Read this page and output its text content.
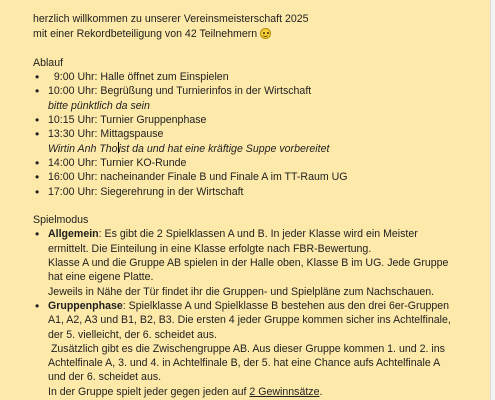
herzlich willkommen zu unserer Vereinsmeisterschaft 2025
mit einer Rekordbeteiligung von 42 Teilnehmern
Ablauf
•   9:00 Uhr: Halle öffnet zum Einspielen
• 10:00 Uhr: Begrüßung und Turnierinfos in der Wirtschaft
bitte pünktlich da sein
• 10:15 Uhr: Turnier Gruppenphase
• 13:30 Uhr: Mittagspause
Wirtin Anh Thoist da und hat eine kräftige Suppe vorbereitet
• 14:00 Uhr: Turnier KO-Runde
• 16:00 Uhr: nacheinander Finale B und Finale A im TT-Raum UG
• 17:00 Uhr: Siegerehrung in der Wirtschaft
Spielmodus
• Allgemein: Es gibt die 2 Spielklassen A und B. In jeder Klasse wird ein Meister
ermittelt. Die Einteilung in eine Klasse erfolgte nach FBR-Bewertung.
Klasse A und die Gruppe AB spielen in der Halle oben, Klasse B im UG. Jede Gruppe
hat eine eigene Platte.
Jeweils in Nähe der Tür findet ihr die Gruppen- und Spielpläne zum Nachschauen.
• Gruppenphase: Spielklasse A und Spielklasse B bestehen aus den drei 6er-Gruppen
A1, A2, A3 und B1, B2, B3. Die ersten 4 jeder Gruppe kommen sicher ins Achtelfinale,
der 5. vielleicht, der 6. scheidet aus.
Zusätzlich gibt es die Zwischengruppe AB. Aus dieser Gruppe kommen 1. und 2. ins
Achtelfinale A, 3. und 4. in Achtelfinale B, der 5. hat eine Chance aufs Achtelfinale A
und der 6. scheidet aus.
In der Gruppe spielt jeder gegen jeden auf 2 Gewinnsätze.
